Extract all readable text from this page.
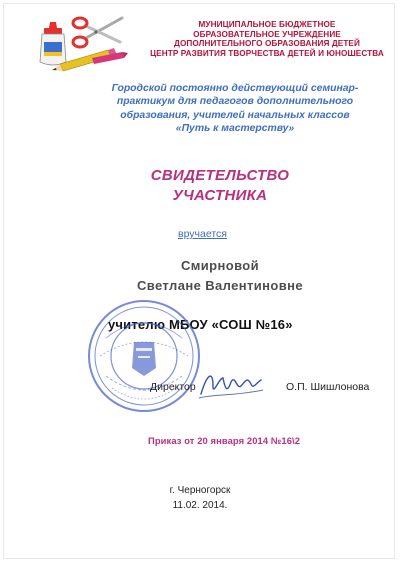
МУНИЦИПАЛЬНОЕ БЮДЖЕТНОЕ
ОБРАЗОВАТЕЛЬНОЕ УЧРЕЖДЕНИЕ
ДОПОЛНИТЕЛЬНОГО ОБРАЗОВАНИЯ ДЕТЕЙ
ЦЕНТР РАЗВИТИЯ ТВОРЧЕСТВА ДЕТЕЙ И ЮНОШЕСТВА
Городской постоянно действующий семинар-
практикум для педагогов дополнительного
образования, учителей начальных классов
«Путь к мастерству»
СВИДЕТЕЛЬСТВО
УЧАСТНИКА
вручается
Смирновой
Светлане Валентиновне
учителю МБОУ «СОШ №16»
Директор	О.П. Шишлонова
Приказ от 20 января 2014 №16\2
г. Черногорск
11.02. 2014.
